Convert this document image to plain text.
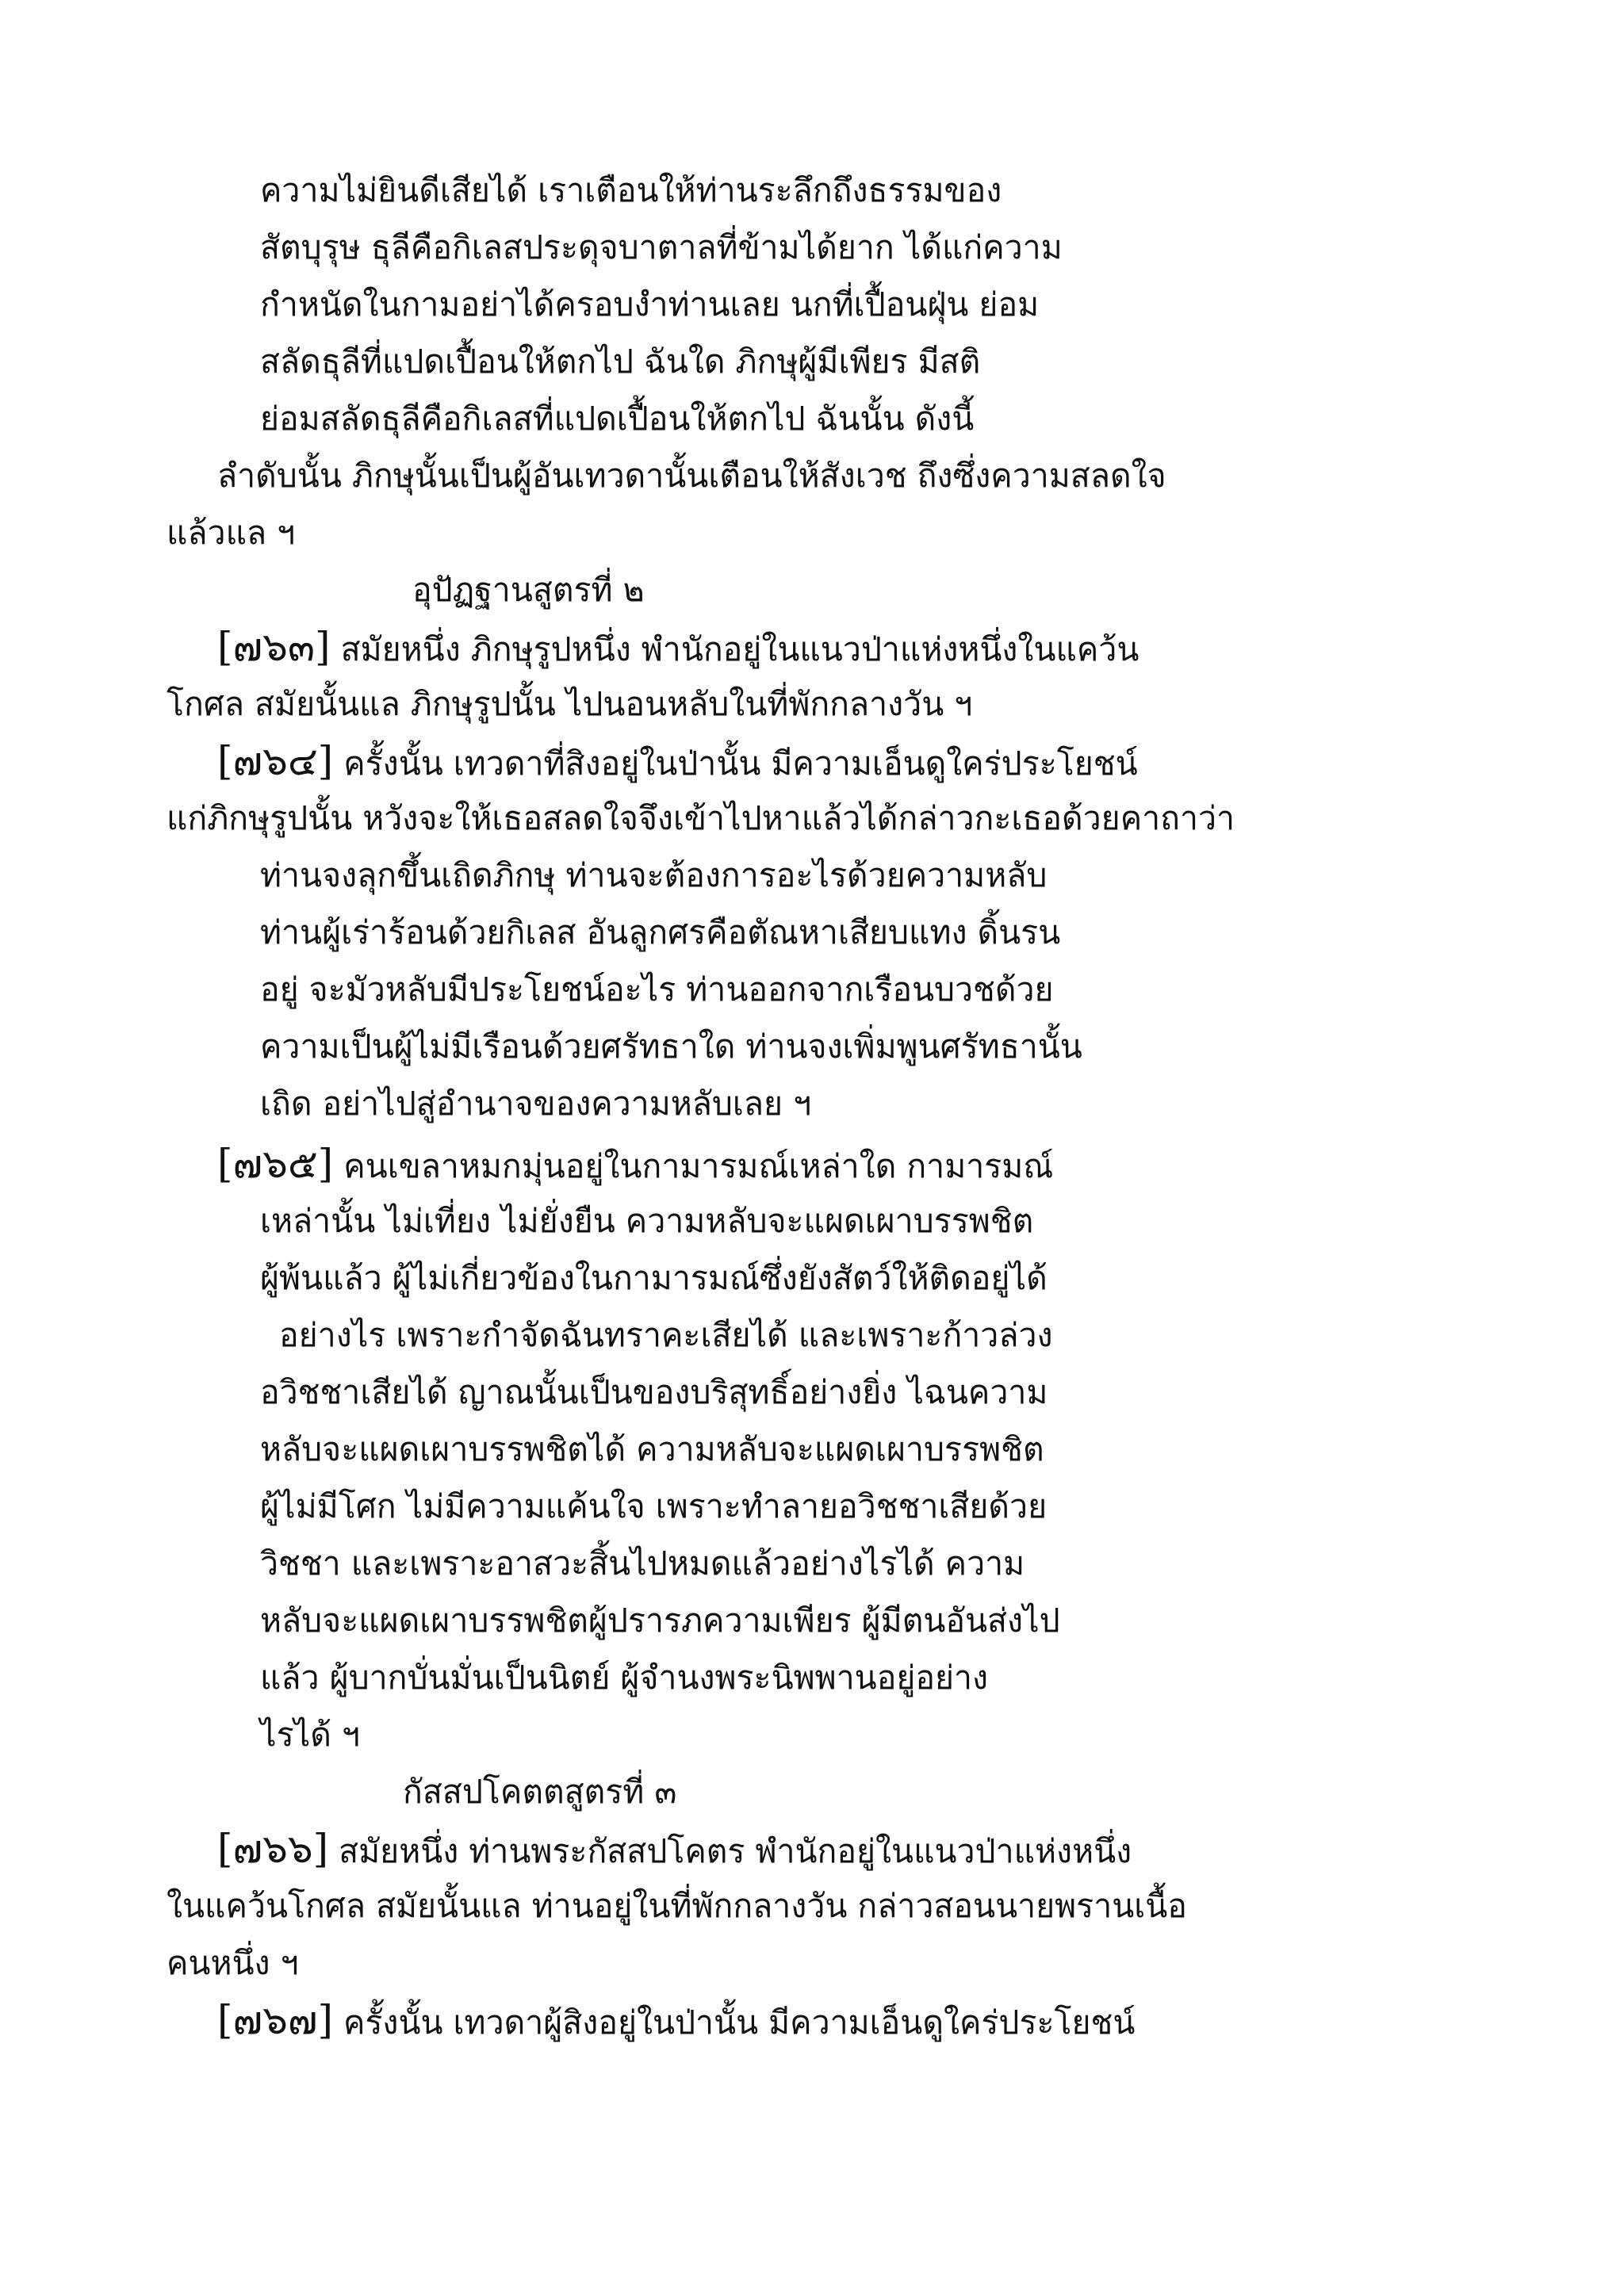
ความไม่ยินดีเสียได้ เราเตือนให้ท่านระลึกถึงธรรมของ
สัตบุรุษ ธุลีคือกิเลสประดุจบาตาลที่ข้ามได้ยาก ได้แก่ความ
กำหนัดในกามอย่าได้ครอบงำท่านเลย นกที่เปื้อนฝุ่น ย่อม
สลัดธุลีที่แปดเปื้อนให้ตกไป ฉันใด ภิกษุผู้มีเพียร มีสติ
ย่อมสลัดธุลีคือกิเลสที่แปดเปื้อนให้ตกไป ฉันนั้น ดังนี้
ลำดับนั้น ภิกษุนั้นเป็นผู้อันเทวดานั้นเตือนให้สังเวช ถึงซึ่งความสลดใจ
แล้วแล ฯ
อุปัฏฐานสูตรที่ ๒
[๗๖๓] สมัยหนึ่ง ภิกษุรูปหนึ่ง พำนักอยู่ในแนวป่าแห่งหนึ่งในแคว้น
โกศล สมัยนั้นแล ภิกษุรูปนั้น ไปนอนหลับในที่พักกลางวัน ฯ
[๗๖๔] ครั้งนั้น เทวดาที่สิงอยู่ในป่านั้น มีความเอ็นดูใคร่ประโยชน์
แก่ภิกษุรูปนั้น หวังจะให้เธอสลดใจจึงเข้าไปหาแล้วได้กล่าวกะเธอด้วยคาถาว่า
ท่านจงลุกขึ้นเถิดภิกษุ ท่านจะต้องการอะไรด้วยความหลับ
ท่านผู้เร่าร้อนด้วยกิเลส อันลูกศรคือตัณหาเสียบแทง ดิ้นรน
อยู่ จะมัวหลับมีประโยชน์อะไร ท่านออกจากเรือนบวชด้วย
ความเป็นผู้ไม่มีเรือนด้วยศรัทธาใด ท่านจงเพิ่มพูนศรัทธานั้น
เถิด อย่าไปสู่อำนาจของความหลับเลย ฯ
[๗๖๕] คนเขลาหมกมุ่นอยู่ในกามารมณ์เหล่าใด กามารมณ์
เหล่านั้น ไม่เที่ยง ไม่ยั่งยืน ความหลับจะแผดเผาบรรพชิต
ผู้พ้นแล้ว ผู้ไม่เกี่ยวข้องในกามารมณ์ซึ่งยังสัตว์ให้ติดอยู่ได้
อย่างไร เพราะกำจัดฉันทราคะเสียได้ และเพราะก้าวล่วง
อวิชชาเสียได้ ญาณนั้นเป็นของบริสุทธิ์อย่างยิ่ง ไฉนความ
หลับจะแผดเผาบรรพชิตได้ ความหลับจะแผดเผาบรรพชิต
ผู้ไม่มีโศก ไม่มีความแค้นใจ เพราะทำลายอวิชชาเสียด้วย
วิชชา และเพราะอาสวะสิ้นไปหมดแล้วอย่างไรได้ ความ
หลับจะแผดเผาบรรพชิตผู้ปรารภความเพียร ผู้มีตนอันส่งไป
แล้ว ผู้บากบั่นมั่นเป็นนิตย์ ผู้จำนงพระนิพพานอยู่อย่าง
ไรได้ ฯ
กัสสปโคตตสูตรที่ ๓
[๗๖๖] สมัยหนึ่ง ท่านพระกัสสปโคตร พำนักอยู่ในแนวป่าแห่งหนึ่ง
ในแคว้นโกศล สมัยนั้นแล ท่านอยู่ในที่พักกลางวัน กล่าวสอนนายพรานเนื้อ
คนหนึ่ง ฯ
[๗๖๗] ครั้งนั้น เทวดาผู้สิงอยู่ในป่านั้น มีความเอ็นดูใคร่ประโยชน์
